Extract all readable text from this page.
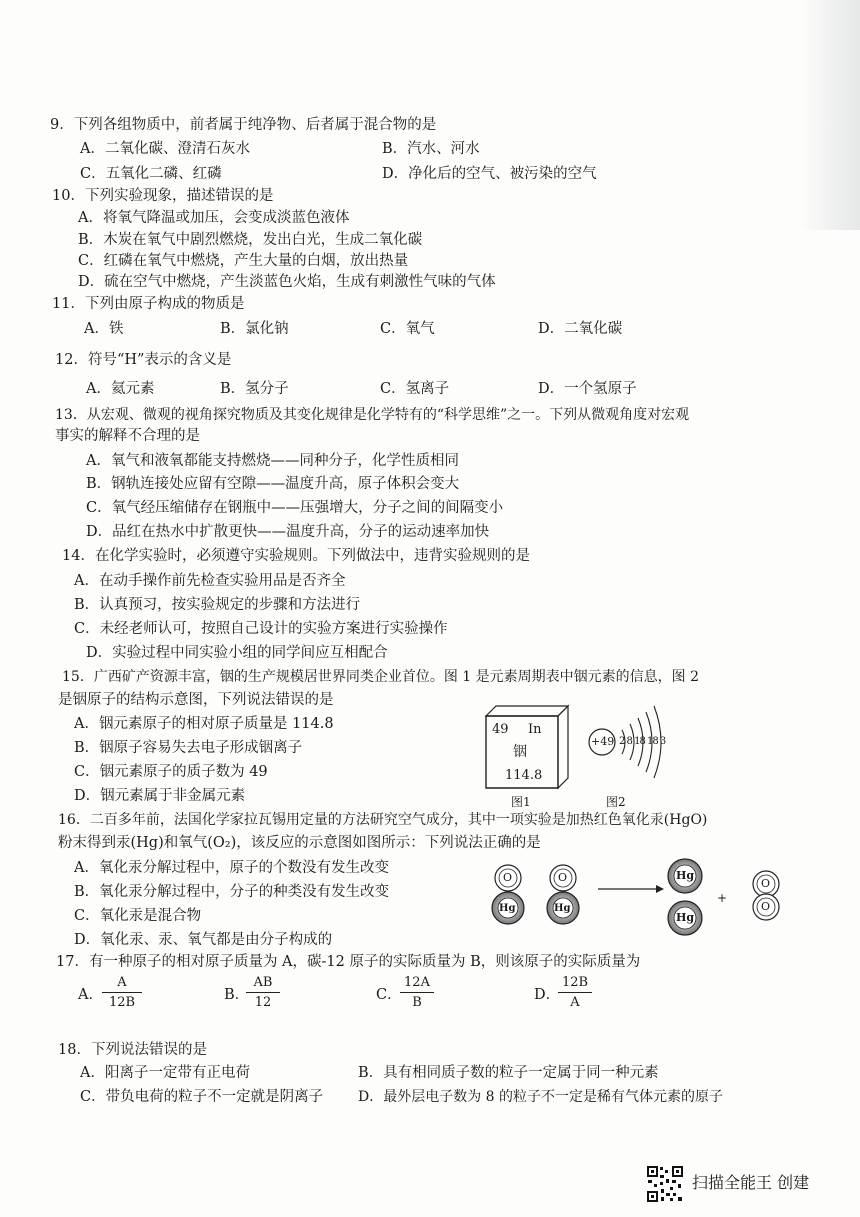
9．下列各组物质中，前者属于纯净物、后者属于混合物的是
A．二氧化碳、澄清石灰水	B．汽水、河水
C．五氧化二磷、红磷	D．净化后的空气、被污染的空气
10．下列实验现象，描述错误的是
A．将氧气降温或加压，会变成淡蓝色液体
B．木炭在氧气中剧烈燃烧，发出白光，生成二氧化碳
C．红磷在氧气中燃烧，产生大量的白烟，放出热量
D．硫在空气中燃烧，产生淡蓝色火焰，生成有刺激性气味的气体
11．下列由原子构成的物质是
A．铁	B．氯化钠	C．氧气	D．二氧化碳
12．符号“H”表示的含义是
A．氦元素	B．氢分子	C．氢离子	D．一个氢原子
13．从宏观、微观的视角探究物质及其变化规律是化学特有的“科学思维”之一。下列从微观角度对宏观
事实的解释不合理的是
A．氧气和液氧都能支持燃烧——同种分子，化学性质相同
B．钢轨连接处应留有空隙——温度升高，原子体积会变大
C．氧气经压缩储存在钢瓶中——压强增大，分子之间的间隔变小
D．品红在热水中扩散更快——温度升高，分子的运动速率加快
14．在化学实验时，必须遵守实验规则。下列做法中，违背实验规则的是
A．在动手操作前先检查实验用品是否齐全
B．认真预习，按实验规定的步骤和方法进行
C．未经老师认可，按照自己设计的实验方案进行实验操作
D．实验过程中同实验小组的同学间应互相配合
15．广西矿产资源丰富，铟的生产规模居世界同类企业首位。图 1 是元素周期表中铟元素的信息，图 2
是铟原子的结构示意图，下列说法错误的是
A．铟元素原子的相对原子质量是 114.8
B．铟原子容易失去电子形成铟离子
C．铟元素原子的质子数为 49
D．铟元素属于非金属元素
49 In
铟
114.8
图1
+49 2 8 18 18 3
图2
16．二百多年前，法国化学家拉瓦锡用定量的方法研究空气成分，其中一项实验是加热红色氧化汞(HgO)
粉末得到汞(Hg)和氧气(O₂)，该反应的示意图如图所示：下列说法正确的是
A．氧化汞分解过程中，原子的个数没有发生改变
B．氧化汞分解过程中，分子的种类没有发生改变
C．氧化汞是混合物
D．氧化汞、汞、氧气都是由分子构成的
O
Hg
O
Hg
Hg
Hg
+
O
O
17．有一种原子的相对原子质量为 A，碳-12 原子的实际质量为 B，则该原子的实际质量为
A．
A
12B	B．
AB
12	C．
12A
B	D．
12B
A
18．下列说法错误的是
A．阳离子一定带有正电荷	B．具有相同质子数的粒子一定属于同一种元素
C．带负电荷的粒子不一定就是阴离子 D．最外层电子数为 8 的粒子不一定是稀有气体元素的原子
扫描全能王 创建
